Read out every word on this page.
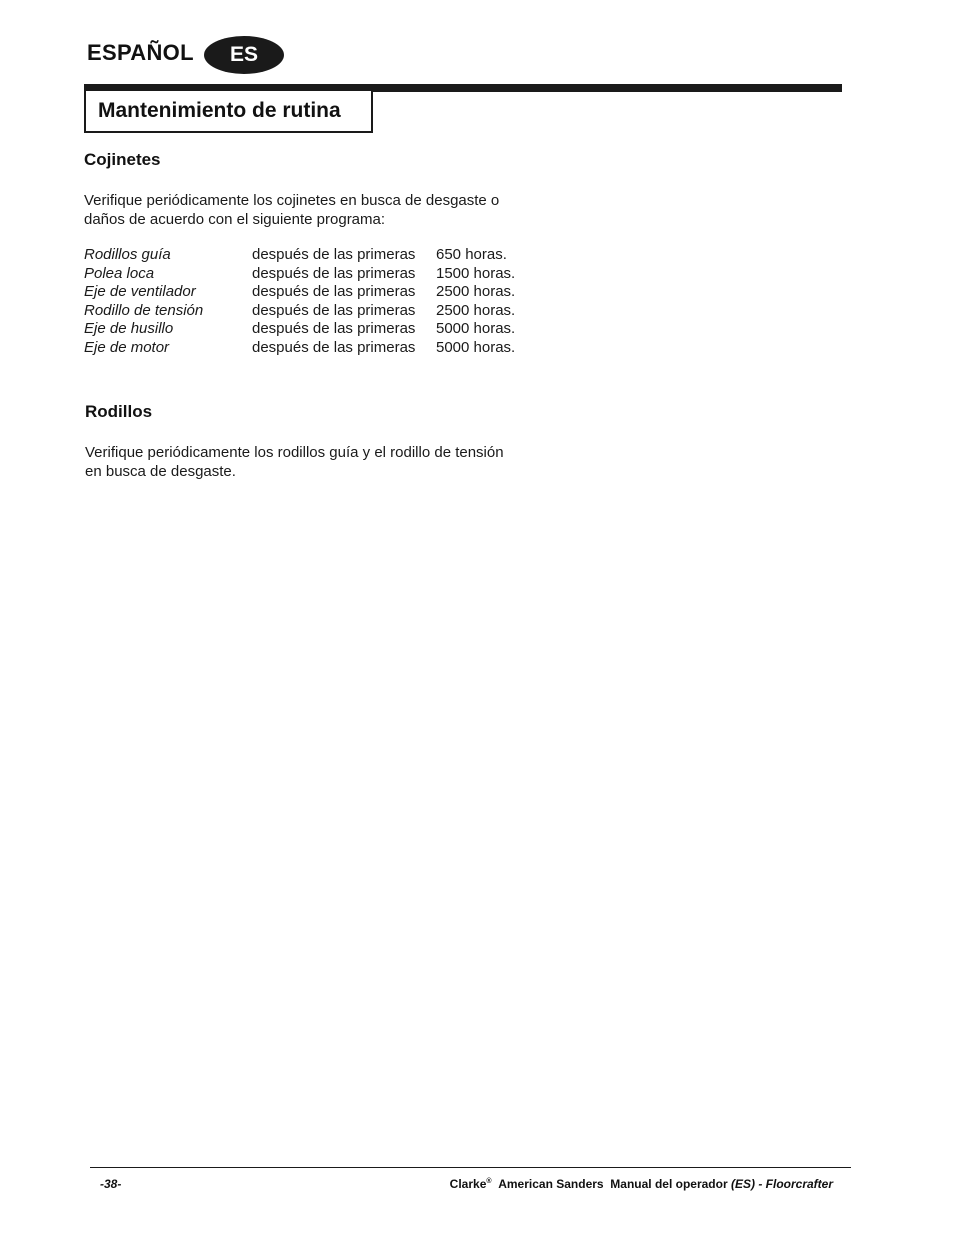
ESPAÑOL	ES
Mantenimiento de rutina
Cojinetes
Verifique periódicamente los cojinetes en busca de desgaste o
daños de acuerdo con el siguiente programa:
Rodillos guía	después de las primeras 650 horas.
Polea loca	después de las primeras 1500 horas.
Eje de ventilador	después de las primeras 2500 horas.
Rodillo de tensión	después de las primeras 2500 horas.
Eje de husillo	después de las primeras 5000 horas.
Eje de motor	después de las primeras 5000 horas.
Rodillos
Verifique periódicamente los rodillos guía y el rodillo de tensión
en busca de desgaste.
-38-	Clarke® American Sanders Manual del operador (ES) - Floorcrafter
